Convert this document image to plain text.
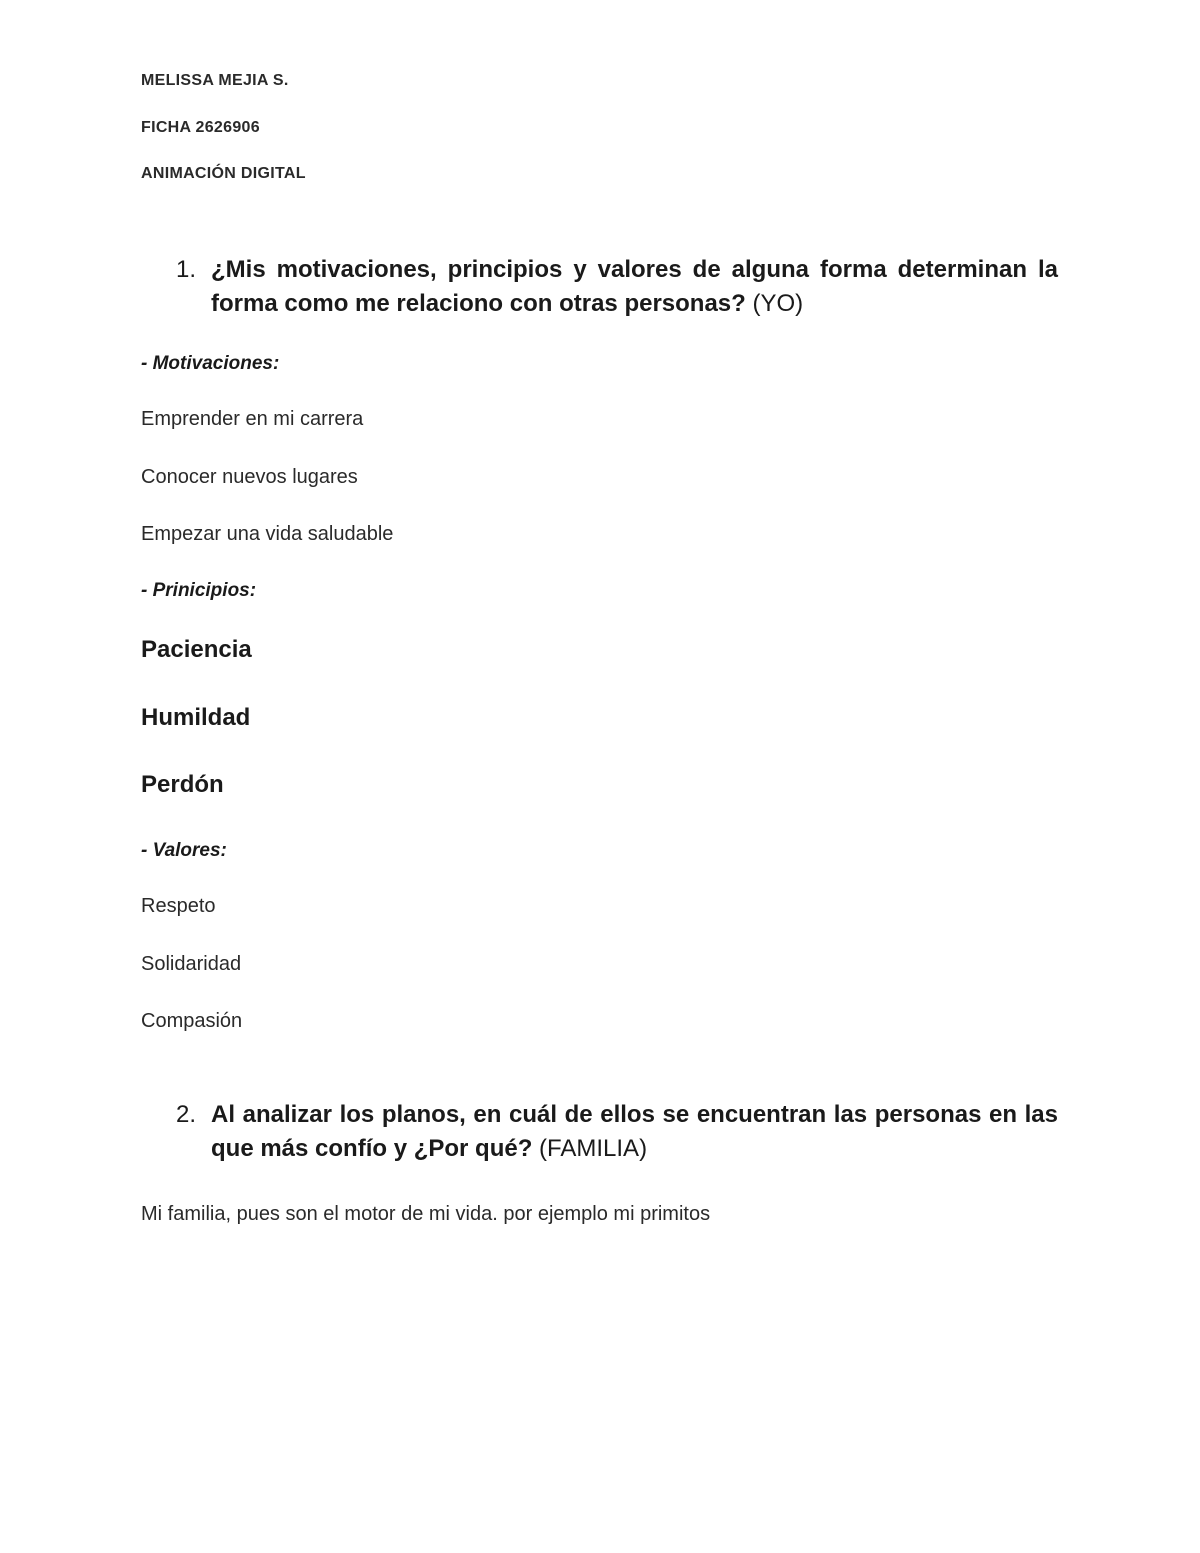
MELISSA MEJIA S.
FICHA 2626906
ANIMACIÓN DIGITAL
1. ¿Mis motivaciones, principios y valores de alguna forma determinan la forma como me relaciono con otras personas? (YO)
- Motivaciones:
Emprender en mi carrera
Conocer nuevos lugares
Empezar una vida saludable
- Prinicipios:
Paciencia
Humildad
Perdón
- Valores:
Respeto
Solidaridad
Compasión
2. Al analizar los planos, en cuál de ellos se encuentran las personas en las que más confío y ¿Por qué? (FAMILIA)
Mi familia, pues son el motor de mi vida. por ejemplo mi primitos
